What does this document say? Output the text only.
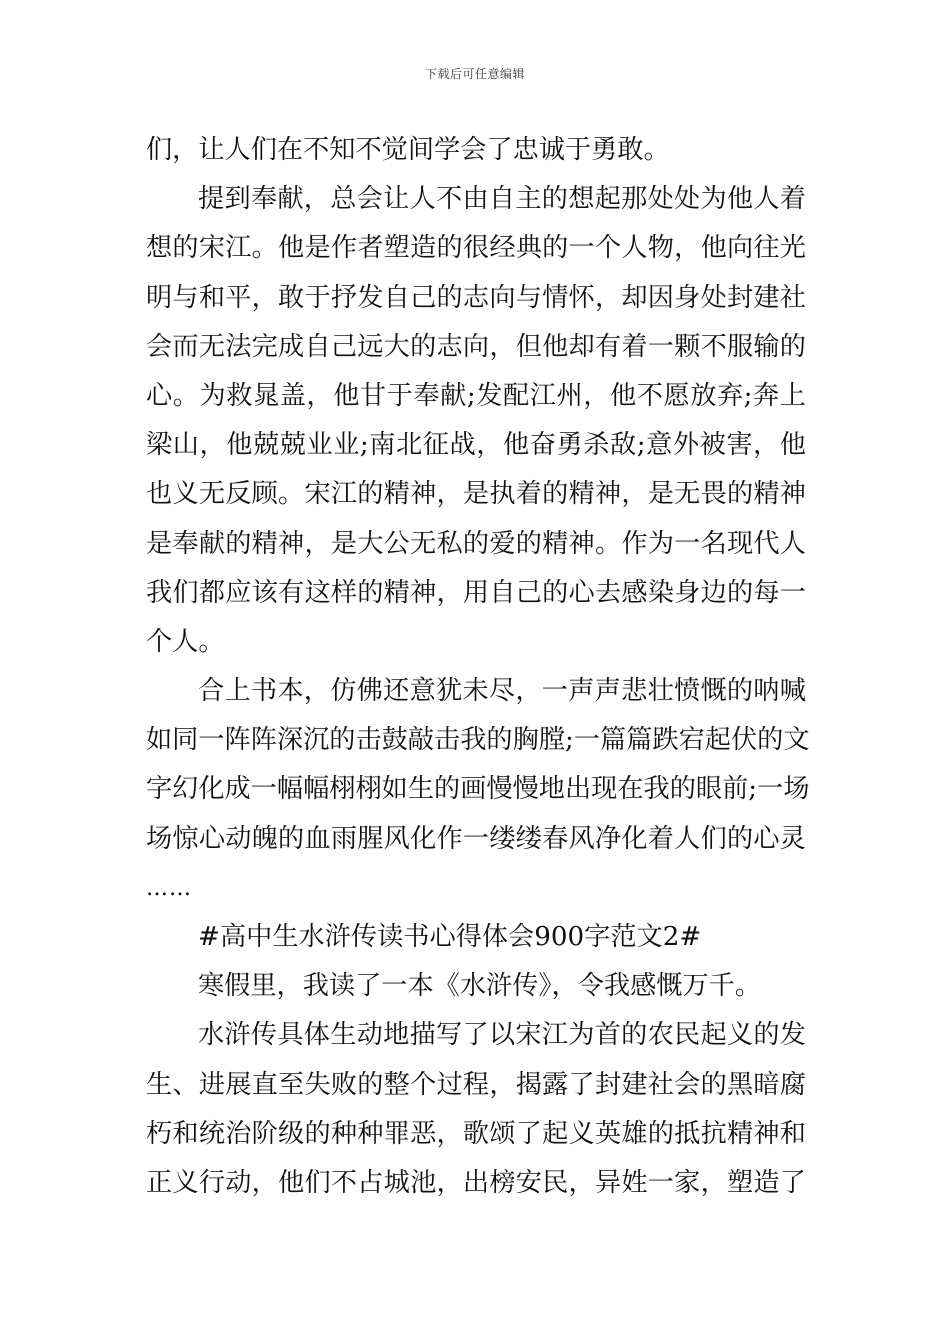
下载后可任意编辑
们，让人们在不知不觉间学会了忠诚于勇敢。
提到奉献，总会让人不由自主的想起那处处为他人着
想的宋江。他是作者塑造的很经典的一个人物，他向往光
明与和平，敢于抒发自己的志向与情怀，却因身处封建社
会而无法完成自己远大的志向，但他却有着一颗不服输的
心。为救晁盖，他甘于奉献;发配江州，他不愿放弃;奔上
梁山，他兢兢业业;南北征战，他奋勇杀敌;意外被害，他
也义无反顾。宋江的精神，是执着的精神，是无畏的精神
是奉献的精神，是大公无私的爱的精神。作为一名现代人
我们都应该有这样的精神，用自己的心去感染身边的每一
个人。
合上书本，仿佛还意犹未尽，一声声悲壮愤慨的呐喊
如同一阵阵深沉的击鼓敲击我的胸膛;一篇篇跌宕起伏的文
字幻化成一幅幅栩栩如生的画慢慢地出现在我的眼前;一场
场惊心动魄的血雨腥风化作一缕缕春风净化着人们的心灵
……
#高中生水浒传读书心得体会900字范文2#
寒假里，我读了一本《水浒传》，令我感慨万千。
水浒传具体生动地描写了以宋江为首的农民起义的发
生、进展直至失败的整个过程，揭露了封建社会的黑暗腐
朽和统治阶级的种种罪恶，歌颂了起义英雄的抵抗精神和
正义行动，他们不占城池，出榜安民，异姓一家，塑造了
